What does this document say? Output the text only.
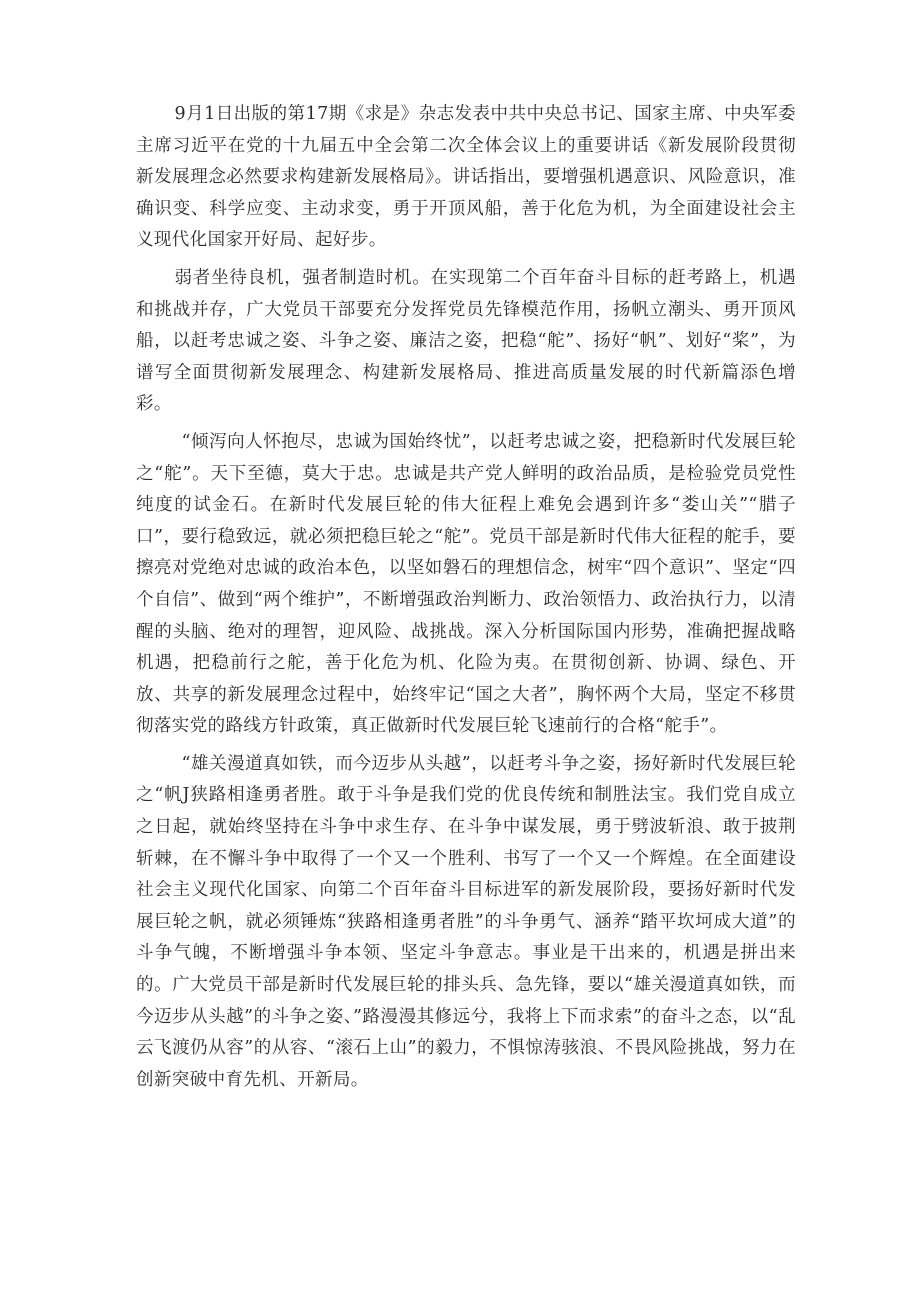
9月1日出版的第17期《求是》杂志发表中共中央总书记、国家主席、中央军委主席习近平在党的十九届五中全会第二次全体会议上的重要讲话《新发展阶段贯彻新发展理念必然要求构建新发展格局》。讲话指出，要增强机遇意识、风险意识，准确识变、科学应变、主动求变，勇于开顶风船，善于化危为机，为全面建设社会主义现代化国家开好局、起好步。

弱者坐待良机，强者制造时机。在实现第二个百年奋斗目标的赶考路上，机遇和挑战并存，广大党员干部要充分发挥党员先锋模范作用，扬帆立潮头、勇开顶风船，以赶考忠诚之姿、斗争之姿、廉洁之姿，把稳“舵”、扬好“帆”、划好“桨”，为谱写全面贯彻新发展理念、构建新发展格局、推进高质量发展的时代新篇添色增彩。

“倾泻向人怀抱尽，忠诚为国始终忧”，以赶考忠诚之姿，把稳新时代发展巨轮之“舵”。天下至德，莫大于忠。忠诚是共产党人鲜明的政治品质，是检验党员党性纯度的试金石。在新时代发展巨轮的伟大征程上难免会遇到许多“娄山关”“腊子口”，要行稳致远，就必须把稳巨轮之“舵”。党员干部是新时代伟大征程的舵手，要擦亮对党绝对忠诚的政治本色，以坚如磐石的理想信念，树牢“四个意识”、坚定“四个自信”、做到“两个维护”，不断增强政治判断力、政治领悟力、政治执行力，以清醒的头脑、绝对的理智，迎风险、战挑战。深入分析国际国内形势，准确把握战略机遇，把稳前行之舵，善于化危为机、化险为夷。在贯彻创新、协调、绿色、开放、共享的新发展理念过程中，始终牢记“国之大者”，胸怀两个大局，坚定不移贯彻落实党的路线方针政策，真正做新时代发展巨轮飞速前行的合格“舵手”。

“雄关漫道真如铁，而今迈步从头越”，以赶考斗争之姿，扬好新时代发展巨轮之“帆J狭路相逢勇者胜。敢于斗争是我们党的优良传统和制胜法宝。我们党自成立之日起，就始终坚持在斗争中求生存、在斗争中谋发展，勇于劈波斩浪、敢于披荆斩棘，在不懈斗争中取得了一个又一个胜利、书写了一个又一个辉煌。在全面建设社会主义现代化国家、向第二个百年奋斗目标进军的新发展阶段，要扬好新时代发展巨轮之帆，就必须锤炼“狭路相逢勇者胜”的斗争勇气、涵养“踏平坎坷成大道”的斗争气魄，不断增强斗争本领、坚定斗争意志。事业是干出来的，机遇是拼出来的。广大党员干部是新时代发展巨轮的排头兵、急先锋，要以“雄关漫道真如铁，而今迈步从头越”的斗争之姿、”路漫漫其修远兮，我将上下而求索”的奋斗之态，以“乱云飞渡仍从容”的从容、“滚石上山”的毅力，不惧惊涛骇浪、不畏风险挑战，努力在创新突破中育先机、开新局。
